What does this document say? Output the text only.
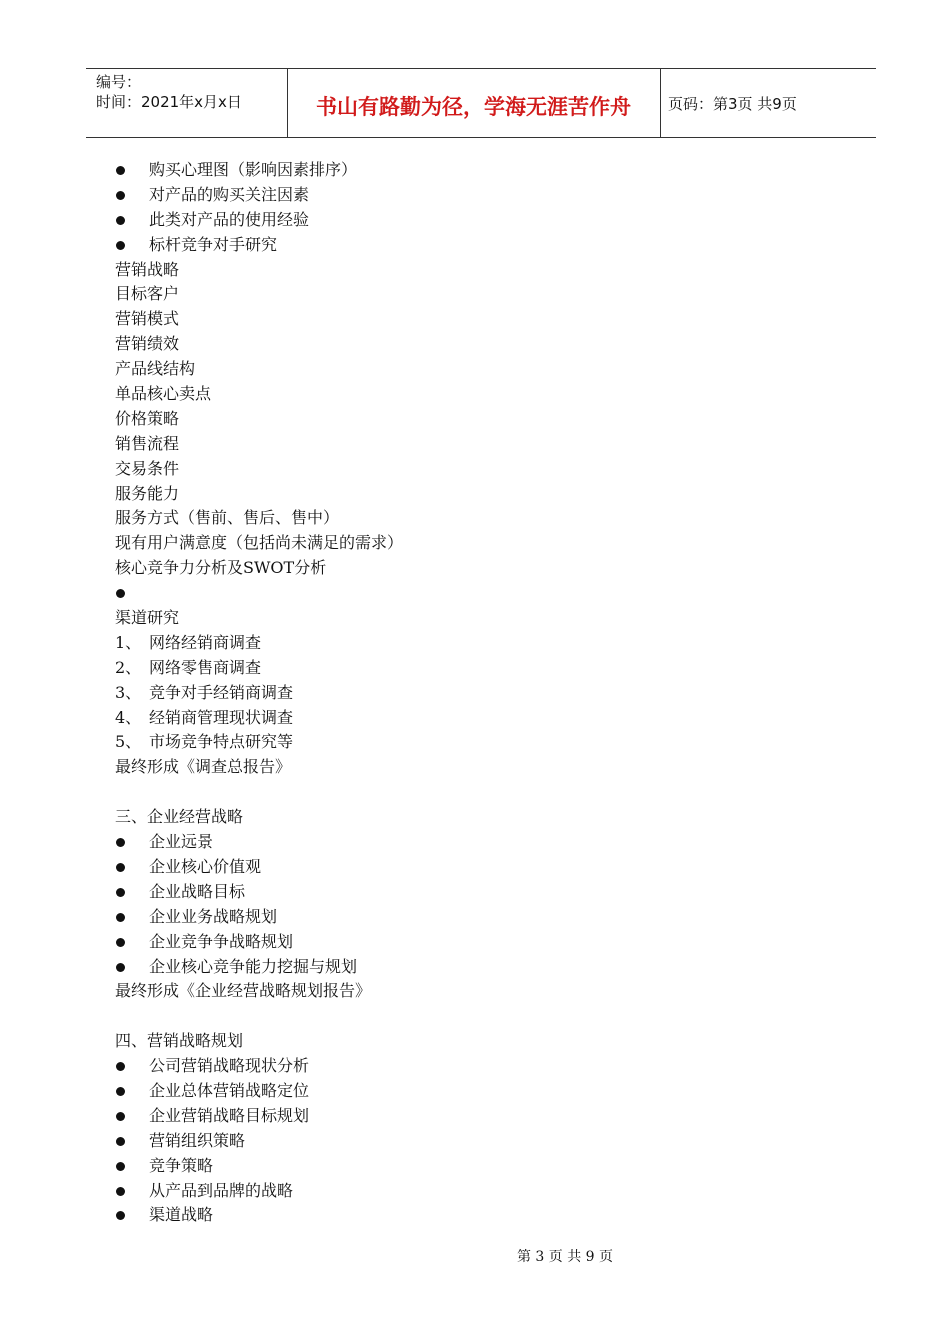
编号：
时间：2021年x月x日	书山有路勤为径，学海无涯苦作舟	页码：第3页 共9页
购买心理图（影响因素排序）
对产品的购买关注因素
此类对产品的使用经验
标杆竞争对手研究
营销战略
目标客户
营销模式
营销绩效
产品线结构
单品核心卖点
价格策略
销售流程
交易条件
服务能力
服务方式（售前、售后、售中）
现有用户满意度（包括尚未满足的需求）
核心竞争力分析及SWOT分析
渠道研究
1、 网络经销商调查
2、 网络零售商调查
3、 竞争对手经销商调查
4、 经销商管理现状调查
5、 市场竞争特点研究等
最终形成《调查总报告》
三、企业经营战略
企业远景
企业核心价值观
企业战略目标
企业业务战略规划
企业竞争争战略规划
企业核心竞争能力挖掘与规划
最终形成《企业经营战略规划报告》
四、营销战略规划
公司营销战略现状分析
企业总体营销战略定位
企业营销战略目标规划
营销组织策略
竞争策略
从产品到品牌的战略
渠道战略
第 3 页 共 9 页
